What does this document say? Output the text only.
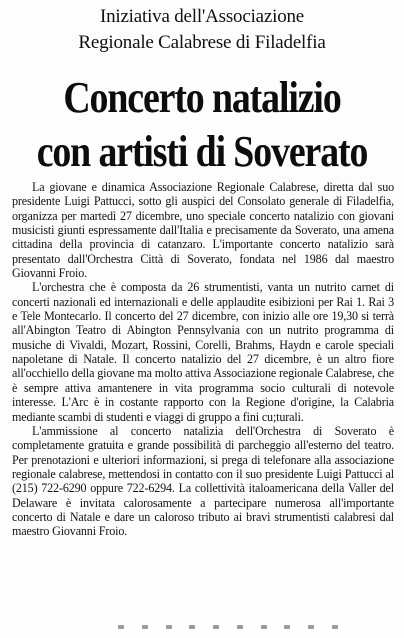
Iniziativa dell'Associazione
Regionale Calabrese di Filadelfia
Concerto natalizio
con artisti di Soverato

La giovane e dinamica Associazione Regionale Calabrese, diretta dal suo presidente Luigi Pattucci, sotto gli auspici del Consolato generale di Filadelfia, organizza per martedì 27 dicembre, uno speciale concerto natalizio con giovani musicisti giunti espressamente dall'Italia e precisamente da Soverato, una amena cittadina della provincia di catanzaro. L'importante concerto natalizio sarà presentato dall'Orchestra Città di Soverato, fondata nel 1986 dal maestro Giovanni Froio.

L'orchestra che è composta da 26 strumentisti, vanta un nutrito carnet di concerti nazionali ed internazionali e delle applaudite esibizioni per Rai 1. Rai 3 e Tele Montecarlo. Il concerto del 27 dicembre, con inizio alle ore 19,30 si terrà all'Abington Teatro di Abington Pennsylvania con un nutrito programma di musiche di Vivaldi, Mozart, Rossini, Corelli, Brahms, Haydn e carole speciali napoletane di Natale. Il concerto natalizio del 27 dicembre, è un altro fiore all'occhiello della giovane ma molto attiva Associazione regionale Calabrese, che è sempre attiva amantenere in vita programma socio culturali di notevole interesse. L'Arc è in costante rapporto con la Regione d'origine, la Calabria mediante scambi di studenti e viaggi di gruppo a fini cu;turali.

L'ammissione al concerto natalizia dell'Orchestra di Soverato è completamente gratuita e grande possibilità di parcheggio all'esterno del teatro. Per prenotazioni e ulteriori informazioni, si prega di telefonare alla associazione regionale calabrese, mettendosi in contatto con il suo presidente Luigi Pattucci al (215) 722-6290 oppure 722-6294. La collettività italoamericana della Valler del Delaware è invitata calorosamente a partecipare numerosa all'importante concerto di Natale e dare un caloroso tributo ai bravi strumentisti calabresi dal maestro Giovanni Froio.
